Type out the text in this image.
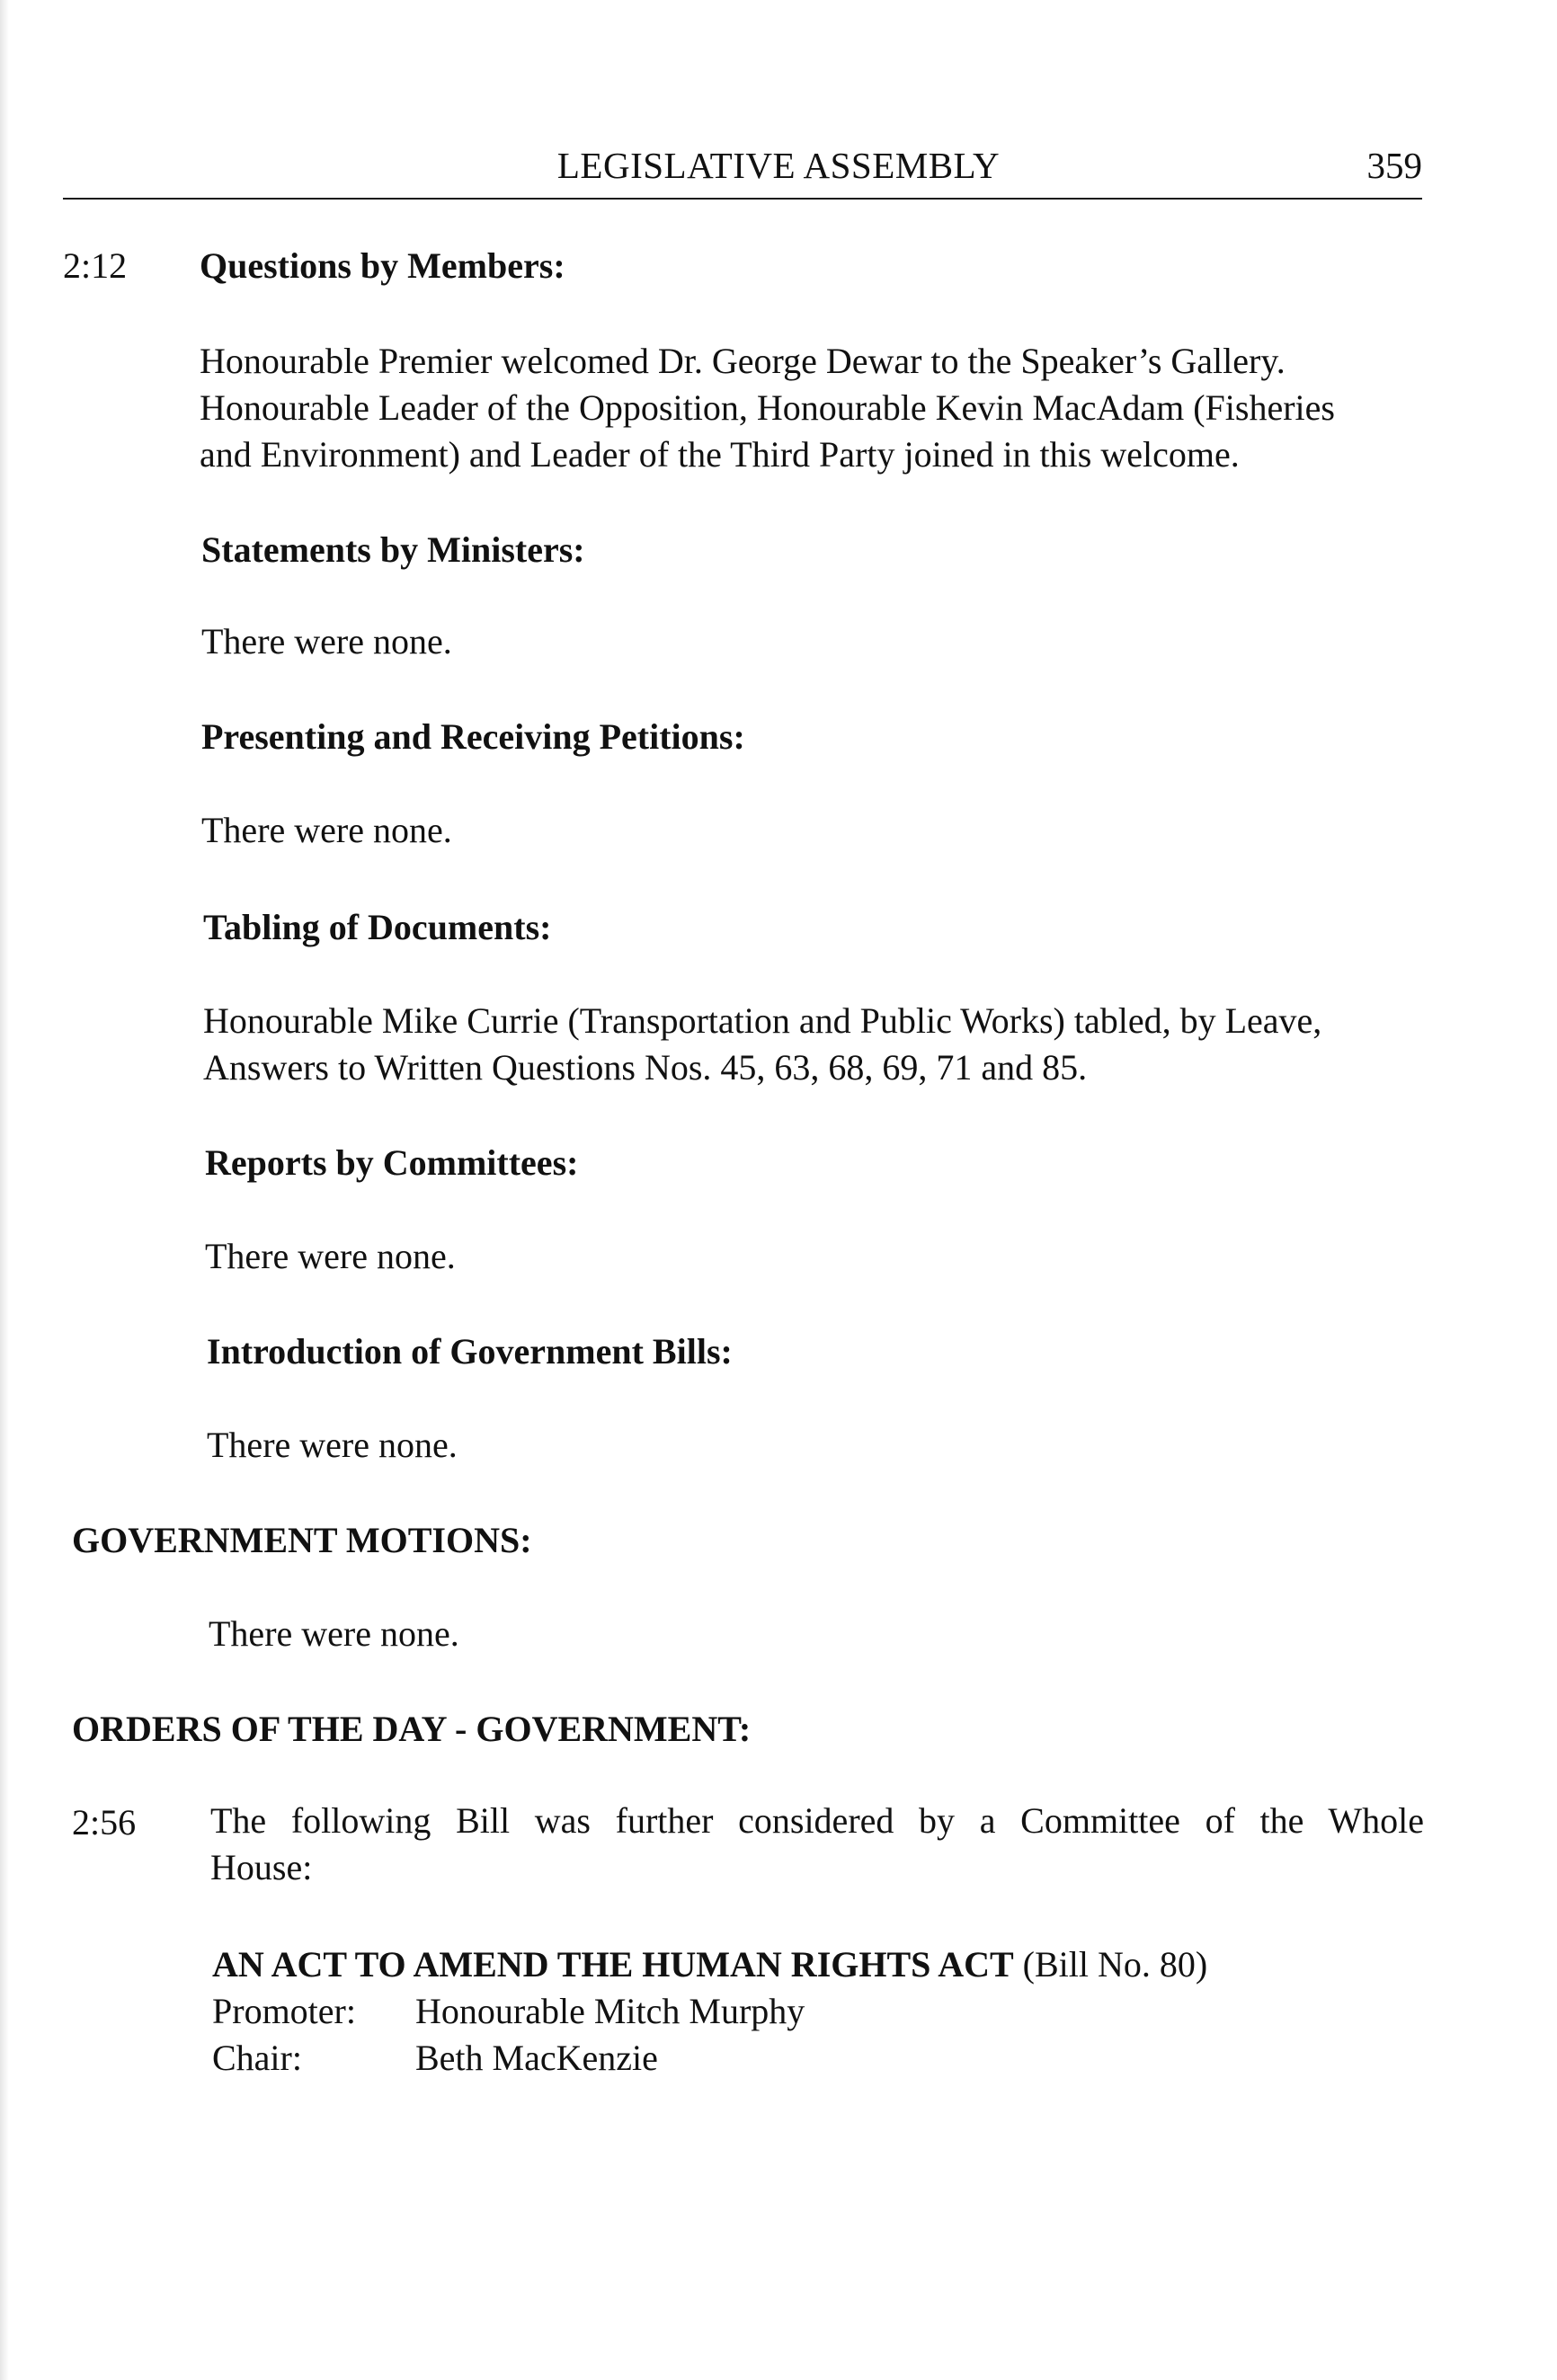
LEGISLATIVE ASSEMBLY	359
2:12 Questions by Members:
Honourable Premier welcomed Dr. George Dewar to the Speaker’s Gallery.
Honourable Leader of the Opposition, Honourable Kevin MacAdam (Fisheries
and Environment) and Leader of the Third Party joined in this welcome.
Statements by Ministers:
There were none.
Presenting and Receiving Petitions:
There were none.
Tabling of Documents:
Honourable Mike Currie (Transportation and Public Works) tabled, by Leave,
Answers to Written Questions Nos. 45, 63, 68, 69, 71 and 85.
Reports by Committees:
There were none.
Introduction of Government Bills:
There were none.
GOVERNMENT MOTIONS:
There were none.
ORDERS OF THE DAY - GOVERNMENT:
2:56 The following Bill was further considered by a Committee of the Whole
House:
AN ACT TO AMEND THE HUMAN RIGHTS ACT (Bill No. 80)
Promoter: Honourable Mitch Murphy
Chair:	Beth MacKenzie
